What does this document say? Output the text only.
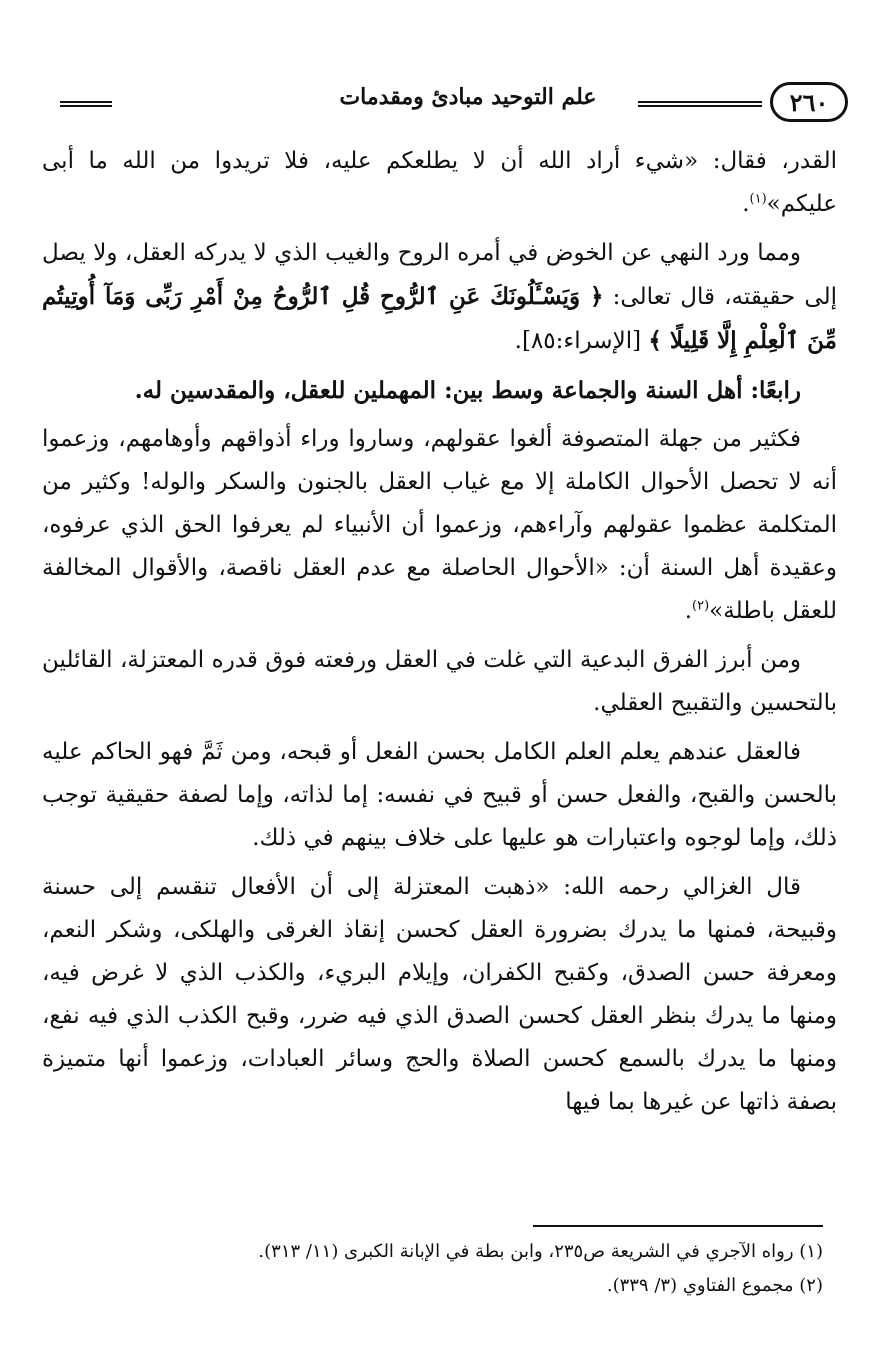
٢٦٠
علم التوحيد مبادئ ومقدمات

القدر، فقال: «شيء أراد الله أن لا يطلعكم عليه، فلا تريدوا من الله ما أبى عليكم»$^{(١)}$.

ومما ورد النهي عن الخوض في أمره الروح والغيب الذي لا يدركه العقل، ولا يصل إلى حقيقته، قال تعالى: ﴿ وَيَسْـَٔلُونَكَ عَنِ ٱلرُّوحِ قُلِ ٱلرُّوحُ مِنْ أَمْرِ رَبِّى وَمَآ أُوتِيتُم مِّنَ ٱلْعِلْمِ إِلَّا قَلِيلًا ﴾ [الإسراء:٨٥].

رابعًا: أهل السنة والجماعة وسط بين: المهملين للعقل، والمقدسين له.

فكثير من جهلة المتصوفة ألغوا عقولهم، وساروا وراء أذواقهم وأوهامهم، وزعموا أنه لا تحصل الأحوال الكاملة إلا مع غياب العقل بالجنون والسكر والوله! وكثير من المتكلمة عظموا عقولهم وآراءهم، وزعموا أن الأنبياء لم يعرفوا الحق الذي عرفوه، وعقيدة أهل السنة أن: «الأحوال الحاصلة مع عدم العقل ناقصة، والأقوال المخالفة للعقل باطلة»$^{(٢)}$.

ومن أبرز الفرق البدعية التي غلت في العقل ورفعته فوق قدره المعتزلة، القائلين بالتحسين والتقبيح العقلي.

فالعقل عندهم يعلم العلم الكامل بحسن الفعل أو قبحه، ومن ثَمَّ فهو الحاكم عليه بالحسن والقبح، والفعل حسن أو قبيح في نفسه: إما لذاته، وإما لصفة حقيقية توجب ذلك، وإما لوجوه واعتبارات هو عليها على خلاف بينهم في ذلك.

قال الغزالي رحمه الله: «ذهبت المعتزلة إلى أن الأفعال تنقسم إلى حسنة وقبيحة، فمنها ما يدرك بضرورة العقل كحسن إنقاذ الغرقى والهلكى، وشكر النعم، ومعرفة حسن الصدق، وكقبح الكفران، وإيلام البريء، والكذب الذي لا غرض فيه، ومنها ما يدرك بنظر العقل كحسن الصدق الذي فيه ضرر، وقبح الكذب الذي فيه نفع، ومنها ما يدرك بالسمع كحسن الصلاة والحج وسائر العبادات، وزعموا أنها متميزة بصفة ذاتها عن غيرها بما فيها

(١) رواه الآجري في الشريعة ص٢٣٥، وابن بطة في الإبانة الكبرى (١١/ ٣١٣).

(٢) مجموع الفتاوي (٣/ ٣٣٩).
